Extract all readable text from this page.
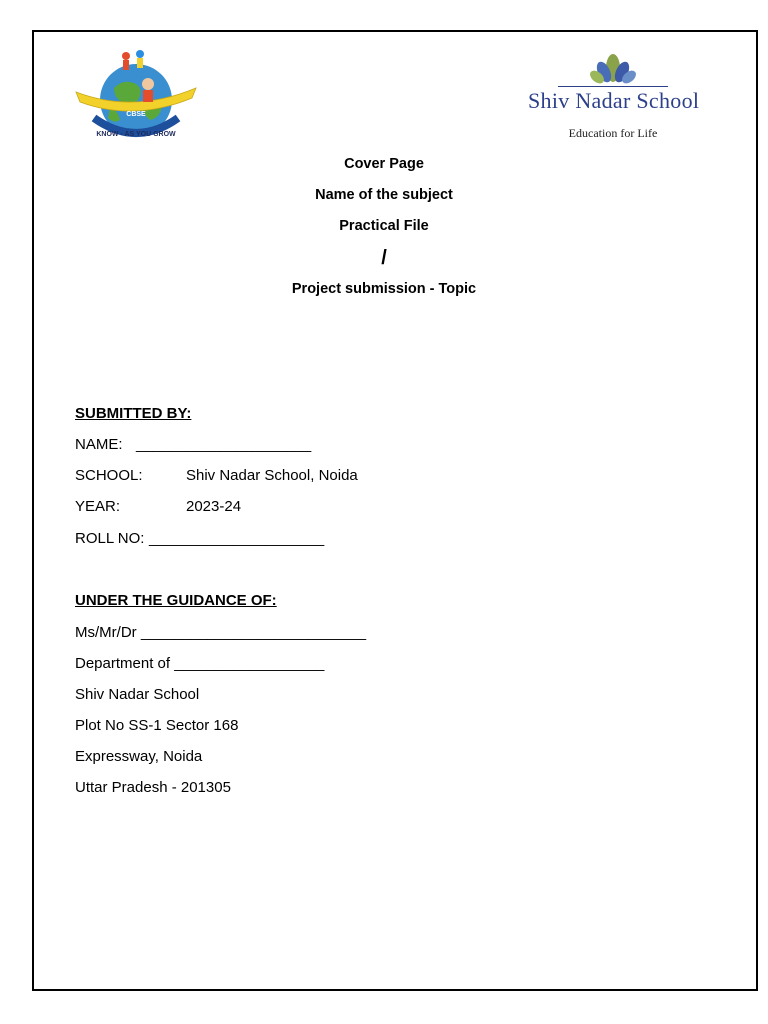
KNOW - AS YOU GROW
CBSE
Shiv Nadar School
Education for Life
Cover Page
Name of the subject
Practical File
/
Project submission - Topic
SUBMITTED BY:
NAME: _____________________
SCHOOL:	Shiv Nadar School, Noida
YEAR:	2023-24
ROLL NO: _____________________
UNDER THE GUIDANCE OF:
Ms/Mr/Dr ___________________________
Department of __________________
Shiv Nadar School
Plot No SS-1 Sector 168
Expressway, Noida
Uttar Pradesh - 201305
